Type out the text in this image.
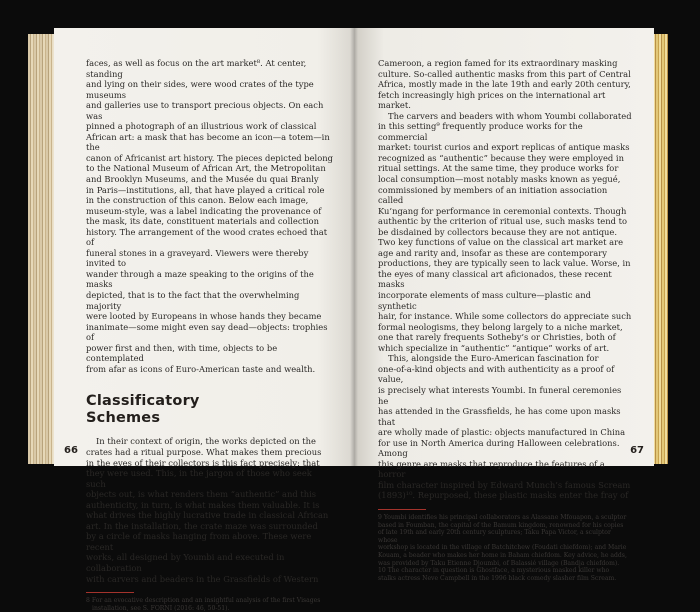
faces, as well as focus on the art market⁸. At center, standing
and lying on their sides, were wood crates of the type museums
and galleries use to transport precious objects. On each was
pinned a photograph of an illustrious work of classical
African art: a mask that has become an icon—a totem—in the
canon of Africanist art history. The pieces depicted belong
to the National Museum of African Art, the Metropolitan
and Brooklyn Museums, and the Musée du quai Branly
in Paris—institutions, all, that have played a critical role
in the construction of this canon. Below each image,
museum-style, was a label indicating the provenance of
the mask, its date, constituent materials and collection
history. The arrangement of the wood crates echoed that of
funeral stones in a graveyard. Viewers were thereby invited to
wander through a maze speaking to the origins of the masks
depicted, that is to the fact that the overwhelming majority
were looted by Europeans in whose hands they became
inanimate—some might even say dead—objects: trophies of
power first and then, with time, objects to be contemplated
from afar as icons of Euro-American taste and wealth.
Classificatory
Schemes
In their context of origin, the works depicted on the
crates had a ritual purpose. What makes them precious
in the eyes of their collectors is this fact precisely: that
they were used. This, in the jargon of those who seek such
objects out, is what renders them “authentic” and this
authenticity, in turn, is what makes them valuable. It is
what drives the highly lucrative trade in classical African
art. In the installation, the crate maze was surrounded
by a circle of masks hanging from above. These were recent
works, all designed by Youmbi and executed in collaboration
with carvers and beaders in the Grassfields of Western
8 For an evocative description and an insightful analysis of the first Visages
installation, see S. FORNI (2016: 46, 50-51).
Cameroon, a region famed for its extraordinary masking
culture. So-called authentic masks from this part of Central
Africa, mostly made in the late 19th and early 20th century,
fetch increasingly high prices on the international art market.
The carvers and beaders with whom Youmbi collaborated
in this setting⁹ frequently produce works for the commercial
market: tourist curios and export replicas of antique masks
recognized as “authentic” because they were employed in
ritual settings. At the same time, they produce works for
local consumption—most notably masks known as yegué,
commissioned by members of an initiation association called
Ku’ngang for performance in ceremonial contexts. Though
authentic by the criterion of ritual use, such masks tend to
be disdained by collectors because they are not antique.
Two key functions of value on the classical art market are
age and rarity and, insofar as these are contemporary
productions, they are typically seen to lack value. Worse, in
the eyes of many classical art aficionados, these recent masks
incorporate elements of mass culture—plastic and synthetic
hair, for instance. While some collectors do appreciate such
formal neologisms, they belong largely to a niche market,
one that rarely frequents Sotheby’s or Christies, both of
which specialize in “authentic” “antique” works of art.
This, alongside the Euro-American fascination for
one-of-a-kind objects and with authenticity as a proof of value,
is precisely what interests Youmbi. In funeral ceremonies he
has attended in the Grassfields, he has come upon masks that
are wholly made of plastic: objects manufactured in China
for use in North America during Halloween celebrations. Among
this genre are masks that reproduce the features of a horror
film character inspired by Edward Munch’s famous Scream
(1893)¹⁰. Repurposed, these plastic masks enter the fray of
9 Youmbi identifies his principal collaborators as Alassane Mfouapon, a sculptor
based in Foumban, the capital of the Bamum kingdom, renowned for his copies
of late 19th and early 20th century sculptures; Taku Papa Victor, a sculptor whose
workshop is located in the village of Batchitchew (Foudati chiefdom); and Marie
Kouam, a beader who makes her home in Baham chiefdom. Key advice, he adds,
was provided by Taku Etienne Djoumbi, of Balassié village (Bandja chiefdom).
10 The character in question is Ghostface, a mysterious masked killer who
stalks actress Neve Campbell in the 1996 black comedy slasher film Scream.
66	67
